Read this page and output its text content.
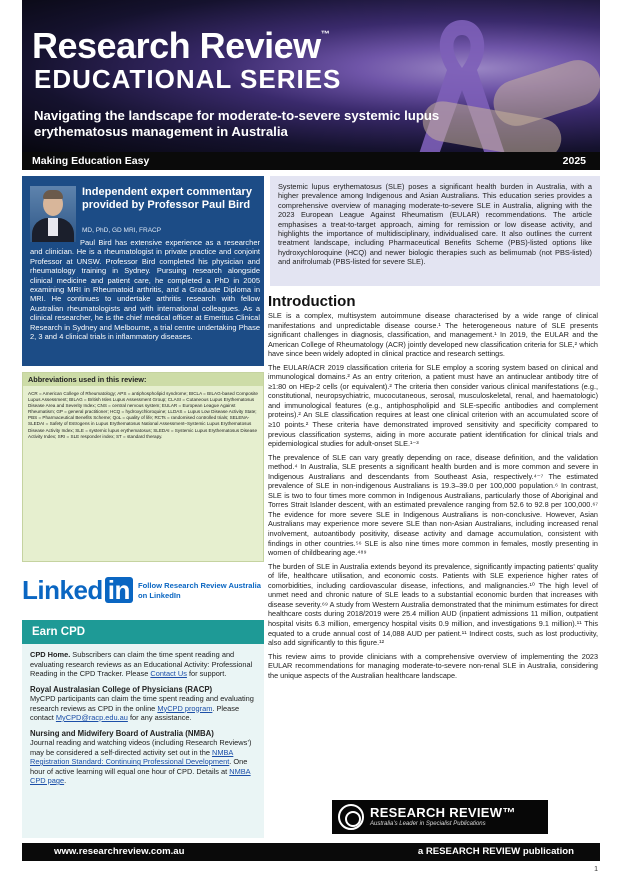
Research Review™
EDUCATIONAL SERIES
Navigating the landscape for moderate-to-severe systemic lupus erythematosus management in Australia
Making Education Easy	2025
Independent expert commentary provided by Professor Paul Bird
MD, PhD, GD MRI, FRACP

Paul Bird has extensive experience as a researcher and clinician. He is a rheumatologist in private practice and conjoint Professor at UNSW. Professor Bird completed his physician and rheumatology training in Sydney. Pursuing research alongside clinical medicine and patient care, he completed a PhD in 2005 examining MRI in Rheumatoid arthritis, and a Graduate Diploma in MRI. He continues to undertake arthritis research with fellow Australian rheumatologists and with international colleagues. As a clinical researcher, he is the chief medical officer at Emeritus Clinical Research in Sydney and Melbourne, a trial centre undertaking Phase 2, 3 and 4 clinical trials in inflammatory diseases.

Abbreviations used in this review:

ACR = American College of Rheumatology; APS = antiphospholipid syndrome; BICLA = BILAG-based Composite Lupus Assessment; BILAG = British Isles Lupus Assessment Group; CLASI = Cutaneous Lupus Erythematosus Disease Area and Severity Index; CNS = central nervous system; EULAR = European League Against Rheumatism; GP = general practitioner; HCQ = hydroxychloroquine; LLDAS = Lupus Low Disease Activity State; PBS = Pharmaceutical Benefits Scheme; QoL = quality of life; RCTs = randomised controlled trials; SELENA-SLEDAI = Safety of Estrogens in Lupus Erythematosus National Assessment–Systemic Lupus Erythematosus Disease Activity Index; SLE = systemic lupus erythematosus; SLEDAI = Systemic Lupus Erythematosus Disease Activity Index; SRI = SLE responder index; ST = standard therapy.

Linked in	Follow Research Review Australia on LinkedIn
Earn CPD

CPD Home. Subscribers can claim the time spent reading and evaluating research reviews as an Educational Activity: Professional Reading in the CPD Tracker. Please Contact Us for support.

Royal Australasian College of Physicians (RACP)
MyCPD participants can claim the time spent reading and evaluating research reviews as CPD in the online MyCPD program. Please contact MyCPD@racp.edu.au for any assistance.

Nursing and Midwifery Board of Australia (NMBA)
Journal reading and watching videos (including Research Reviews’) may be considered a self-directed activity set out in the NMBA Registration Standard: Continuing Professional Development. One hour of active learning will equal one hour of CPD. Details at NMBA CPD page.

Systemic lupus erythematosus (SLE) poses a significant health burden in Australia, with a higher prevalence among Indigenous and Asian Australians. This education series provides a comprehensive overview of managing moderate-to-severe SLE in Australia, aligning with the 2023 European League Against Rheumatism (EULAR) recommendations. The article emphasises a treat-to-target approach, aiming for remission or low disease activity, and highlights the importance of multidisciplinary, individualised care. It also outlines the current treatment landscape, including Pharmaceutical Benefits Scheme (PBS)-listed options like hydroxychloroquine (HCQ) and newer biologic therapies such as belimumab (not PBS-listed) and anifrolumab (PBS-listed for severe SLE).

Introduction

SLE is a complex, multisystem autoimmune disease characterised by a wide range of clinical manifestations and unpredictable disease course.¹ The heterogeneous nature of SLE presents significant challenges in diagnosis, classification, and management.¹ In 2019, the EULAR and the American College of Rheumatology (ACR) jointly developed new classification criteria for SLE,² which have since been widely adopted in clinical practice and research settings.

The EULAR/ACR 2019 classification criteria for SLE employ a scoring system based on clinical and immunological domains.² As an entry criterion, a patient must have an antinuclear antibody titre of ≥1:80 on HEp-2 cells (or equivalent).² The criteria then consider various clinical manifestations (e.g., constitutional, neuropsychiatric, mucocutaneous, serosal, musculoskeletal, renal, and haematologic) and immunological features (e.g., antiphospholipid and SLE-specific antibodies and complement proteins).² An SLE classification requires at least one clinical criterion with an accumulated score of ≥10 points.² These criteria have demonstrated improved sensitivity and specificity compared to previous classification systems, aiding in more accurate patient identification for clinical trials and epidemiological studies for adult-onset SLE.¹⁻³

The prevalence of SLE can vary greatly depending on race, disease definition, and the validation method.⁴ In Australia, SLE presents a significant health burden and is more common and severe in Indigenous Australians and descendants from Southeast Asia, respectively.⁴⁻⁷ The estimated prevalence of SLE in non-indigenous Australians is 19.3–39.0 per 100,000 population.⁶ In contrast, SLE is two to four times more common in Indigenous Australians, particularly those of Aboriginal and Torres Strait Islander descent, with an estimated prevalence ranging from 52.6 to 92.8 per 100,000.⁶⁷ The evidence for more severe SLE in Indigenous Australians is non-conclusive. However, Asian Australians may experience more severe SLE than non-Asian Australians, including increased renal involvement, autoantibody positivity, disease activity and damage accumulation, consistent with findings in other countries.⁵⁶ SLE is also nine times more common in females, mostly presenting in women of childbearing age.⁴⁸⁹

The burden of SLE in Australia extends beyond its prevalence, significantly impacting patients’ quality of life, healthcare utilisation, and economic costs. Patients with SLE experience higher rates of comorbidities, including cardiovascular disease, infections, and malignancies.¹⁰ The high level of unmet need and chronic nature of SLE leads to a substantial economic burden that increases with disease severity.⁶⁹ A study from Western Australia demonstrated that the minimum estimates for direct healthcare costs during 2018/2019 were 25.4 million AUD (inpatient admissions 11 million, outpatient hospital visits 6.3 million, emergency hospital visits 0.9 million, and investigations 9.1 million).¹¹ This equated to a crude annual cost of 14,088 AUD per patient.¹¹ Indirect costs, such as lost productivity, also add significantly to this figure.¹²

This review aims to provide clinicians with a comprehensive overview of implementing the 2023 EULAR recommendations for managing moderate-to-severe non-renal SLE in Australia, considering the unique aspects of the Australian healthcare landscape.

RESEARCH REVIEW™
Australia’s Leader in Specialist Publications
www.researchreview.com.au	a RESEARCH REVIEW publication
1
